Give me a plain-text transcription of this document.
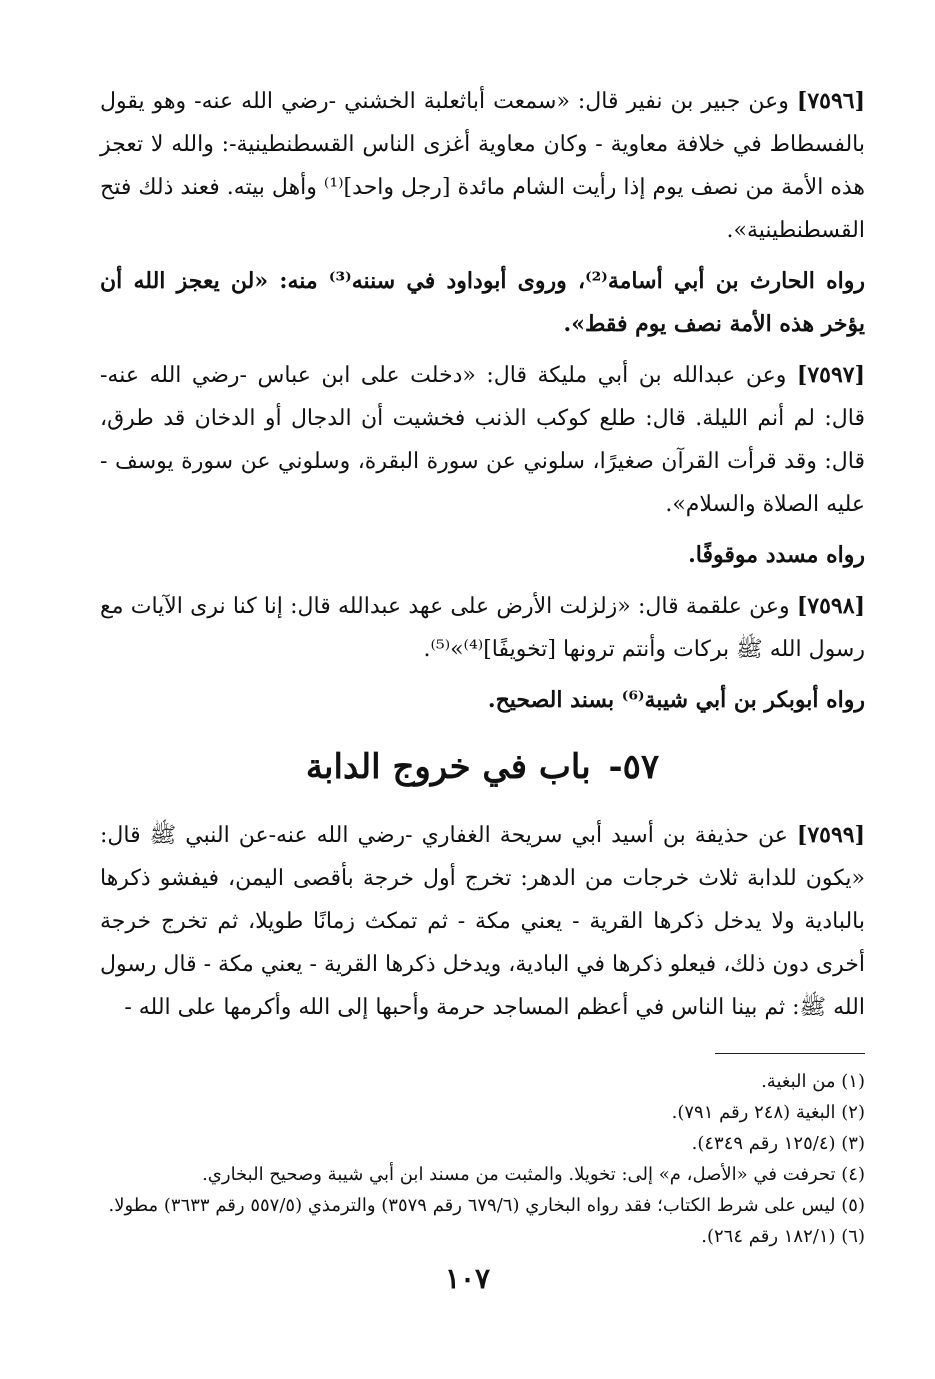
[٧٥٩٦] وعن جبير بن نفير قال: «سمعت أباثعلبة الخشني -رضي الله عنه- وهو يقول بالفسطاط في خلافة معاوية - وكان معاوية أغزى الناس القسطنطينية-: والله لا تعجز هذه الأمة من نصف يوم إذا رأيت الشام مائدة [رجل واحد]⁽¹⁾ وأهل بيته. فعند ذلك فتح القسطنطينية».

رواه الحارث بن أبي أسامة⁽²⁾، وروى أبوداود في سننه⁽³⁾ منه: «لن يعجز الله أن يؤخر هذه الأمة نصف يوم فقط».

[٧٥٩٧] وعن عبدالله بن أبي مليكة قال: «دخلت على ابن عباس -رضي الله عنه- قال: لم أنم الليلة. قال: طلع كوكب الذنب فخشيت أن الدجال أو الدخان قد طرق، قال: وقد قرأت القرآن صغيرًا، سلوني عن سورة البقرة، وسلوني عن سورة يوسف - عليه الصلاة والسلام».

رواه مسدد موقوفًا.

[٧٥٩٨] وعن علقمة قال: «زلزلت الأرض على عهد عبدالله قال: إنا كنا نرى الآيات مع رسول الله ﷺ بركات وأنتم ترونها [تخويفًا]⁽⁴⁾»⁽⁵⁾.

رواه أبوبكر بن أبي شيبة⁽⁶⁾ بسند الصحيح.

٥٧- باب في خروج الدابة

[٧٥٩٩] عن حذيفة بن أسيد أبي سريحة الغفاري -رضي الله عنه-عن النبي ﷺ قال: «يكون للدابة ثلاث خرجات من الدهر: تخرج أول خرجة بأقصى اليمن، فيفشو ذكرها بالبادية ولا يدخل ذكرها القرية - يعني مكة - ثم تمكث زمانًا طويلا، ثم تخرج خرجة أخرى دون ذلك، فيعلو ذكرها في البادية، ويدخل ذكرها القرية - يعني مكة - قال رسول الله ﷺ: ثم بينا الناس في أعظم المساجد حرمة وأحبها إلى الله وأكرمها على الله -

(١) من البغية.
(٢) البغية (٢٤٨ رقم ٧٩١).
(٣) (١٢٥/٤ رقم ٤٣٤٩).
(٤) تحرفت في «الأصل، م» إلى: تخويلا. والمثبت من مسند ابن أبي شيبة وصحيح البخاري.
(٥) ليس على شرط الكتاب؛ فقد رواه البخاري (٦٧٩/٦ رقم ٣٥٧٩) والترمذي (٥٥٧/٥ رقم ٣٦٣٣) مطولا.
(٦) (١٨٢/١ رقم ٢٦٤).
١٠٧
